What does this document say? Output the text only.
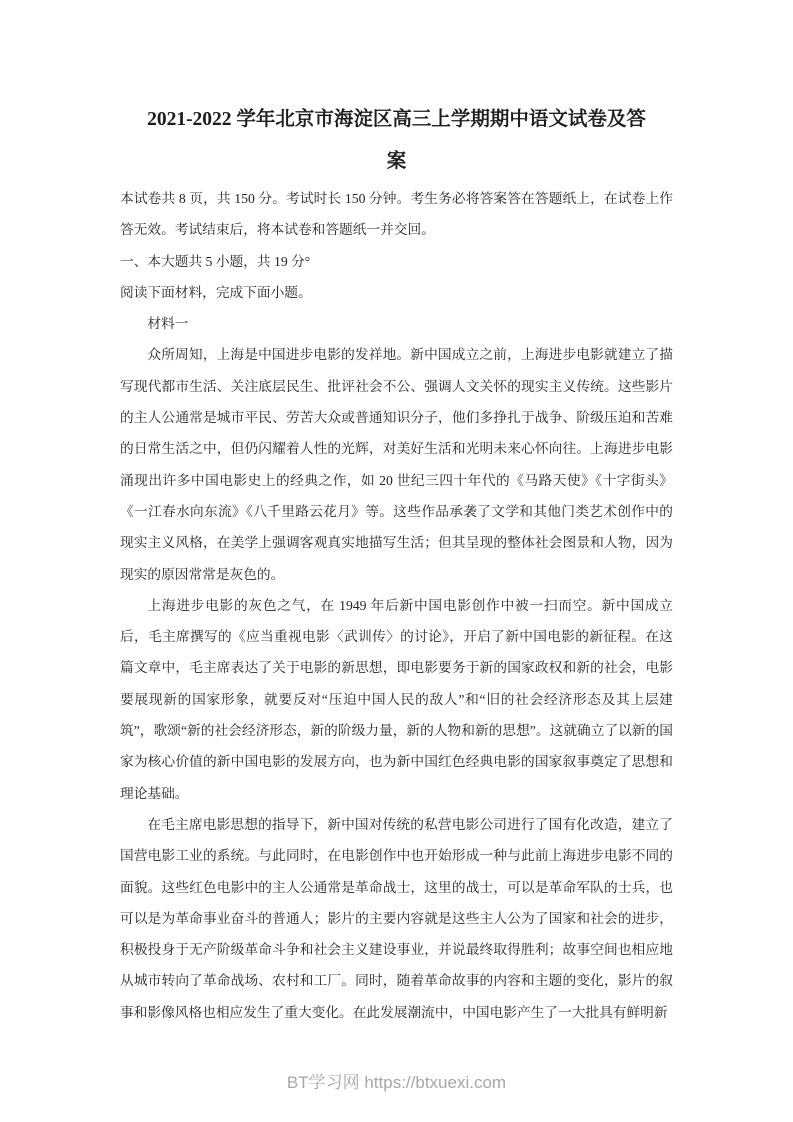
2021-2022 学年北京市海淀区高三上学期期中语文试卷及答
案

本试卷共 8 页，共 150 分。考试时长 150 分钟。考生务必将答案答在答题纸上，在试卷上作答无效。考试结束后，将本试卷和答题纸一并交回。

一、本大题共 5 小题，共 19 分°

阅读下面材料，完成下面小题。

材料一

众所周知，上海是中国进步电影的发祥地。新中国成立之前，上海进步电影就建立了描写现代都市生活、关注底层民生、批评社会不公、强调人文关怀的现实主义传统。这些影片的主人公通常是城市平民、劳苦大众或普通知识分子，他们多挣扎于战争、阶级压迫和苦难的日常生活之中，但仍闪耀着人性的光辉，对美好生活和光明未来心怀向往。上海进步电影涌现出许多中国电影史上的经典之作，如 20 世纪三四十年代的《马路天使》《十字街头》《一江春水向东流》《八千里路云花月》等。这些作品承袭了文学和其他门类艺术创作中的现实主义风格，在美学上强调客观真实地描写生活；但其呈现的整体社会图景和人物，因为现实的原因常常是灰色的。

上海进步电影的灰色之气，在 1949 年后新中国电影创作中被一扫而空。新中国成立后，毛主席撰写的《应当重视电影〈武训传〉的讨论》，开启了新中国电影的新征程。在这篇文章中，毛主席表达了关于电影的新思想，即电影要务于新的国家政权和新的社会，电影要展现新的国家形象，就要反对“压迫中国人民的敌人”和“旧的社会经济形态及其上层建筑”，歌颂“新的社会经济形态，新的阶级力量，新的人物和新的思想”。这就确立了以新的国家为核心价值的新中国电影的发展方向，也为新中国红色经典电影的国家叙事奠定了思想和理论基础。

在毛主席电影思想的指导下，新中国对传统的私营电影公司进行了国有化改造，建立了国营电影工业的系统。与此同时，在电影创作中也开始形成一种与此前上海进步电影不同的面貌。这些红色电影中的主人公通常是革命战士，这里的战士，可以是革命军队的士兵，也可以是为革命事业奋斗的普通人；影片的主要内容就是这些主人公为了国家和社会的进步，积极投身于无产阶级革命斗争和社会主义建设事业，并说最终取得胜利；故事空间也相应地从城市转向了革命战场、农村和工厂。同时，随着革命故事的内容和主题的变化，影片的叙事和影像风格也相应发生了重大变化。在此发展潮流中，中国电影产生了一大批具有鲜明新

BT学习网 https://btxuexi.com
